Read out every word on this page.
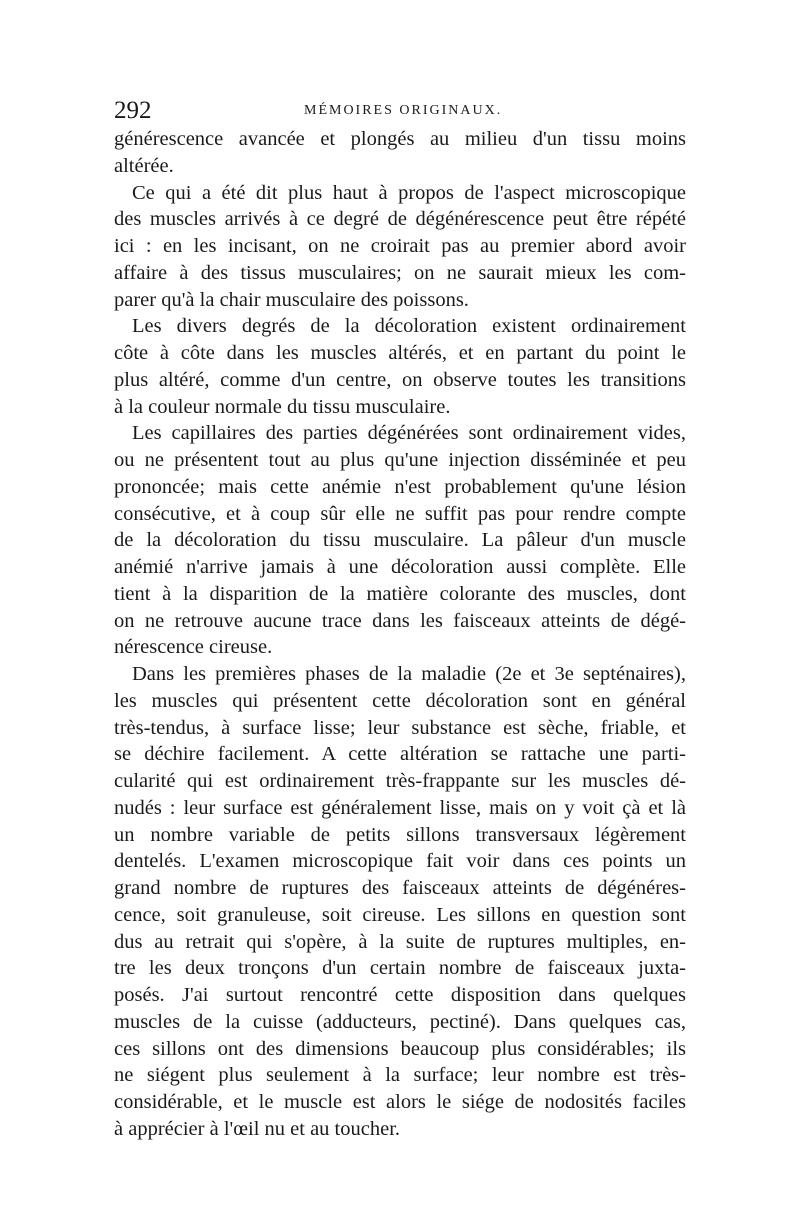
292	MÉMOIRES ORIGINAUX.
générescence avancée et plongés au milieu d'un tissu moins
altérée.
Ce qui a été dit plus haut à propos de l'aspect microscopique
des muscles arrivés à ce degré de dégénérescence peut être répété
ici : en les incisant, on ne croirait pas au premier abord avoir
affaire à des tissus musculaires; on ne saurait mieux les com-
parer qu'à la chair musculaire des poissons.
Les divers degrés de la décoloration existent ordinairement
côte à côte dans les muscles altérés, et en partant du point le
plus altéré, comme d'un centre, on observe toutes les transitions
à la couleur normale du tissu musculaire.
Les capillaires des parties dégénérées sont ordinairement vides,
ou ne présentent tout au plus qu'une injection disséminée et peu
prononcée; mais cette anémie n'est probablement qu'une lésion
consécutive, et à coup sûr elle ne suffit pas pour rendre compte
de la décoloration du tissu musculaire. La pâleur d'un muscle
anémié n'arrive jamais à une décoloration aussi complète. Elle
tient à la disparition de la matière colorante des muscles, dont
on ne retrouve aucune trace dans les faisceaux atteints de dégé-
nérescence cireuse.
Dans les premières phases de la maladie (2e et 3e septénaires),
les muscles qui présentent cette décoloration sont en général
très-tendus, à surface lisse; leur substance est sèche, friable, et
se déchire facilement. A cette altération se rattache une parti-
cularité qui est ordinairement très-frappante sur les muscles dé-
nudés : leur surface est généralement lisse, mais on y voit çà et là
un nombre variable de petits sillons transversaux légèrement
dentelés. L'examen microscopique fait voir dans ces points un
grand nombre de ruptures des faisceaux atteints de dégénéres-
cence, soit granuleuse, soit cireuse. Les sillons en question sont
dus au retrait qui s'opère, à la suite de ruptures multiples, en-
tre les deux tronçons d'un certain nombre de faisceaux juxta-
posés. J'ai surtout rencontré cette disposition dans quelques
muscles de la cuisse (adducteurs, pectiné). Dans quelques cas,
ces sillons ont des dimensions beaucoup plus considérables; ils
ne siégent plus seulement à la surface; leur nombre est très-
considérable, et le muscle est alors le siége de nodosités faciles
à apprécier à l'œil nu et au toucher.
